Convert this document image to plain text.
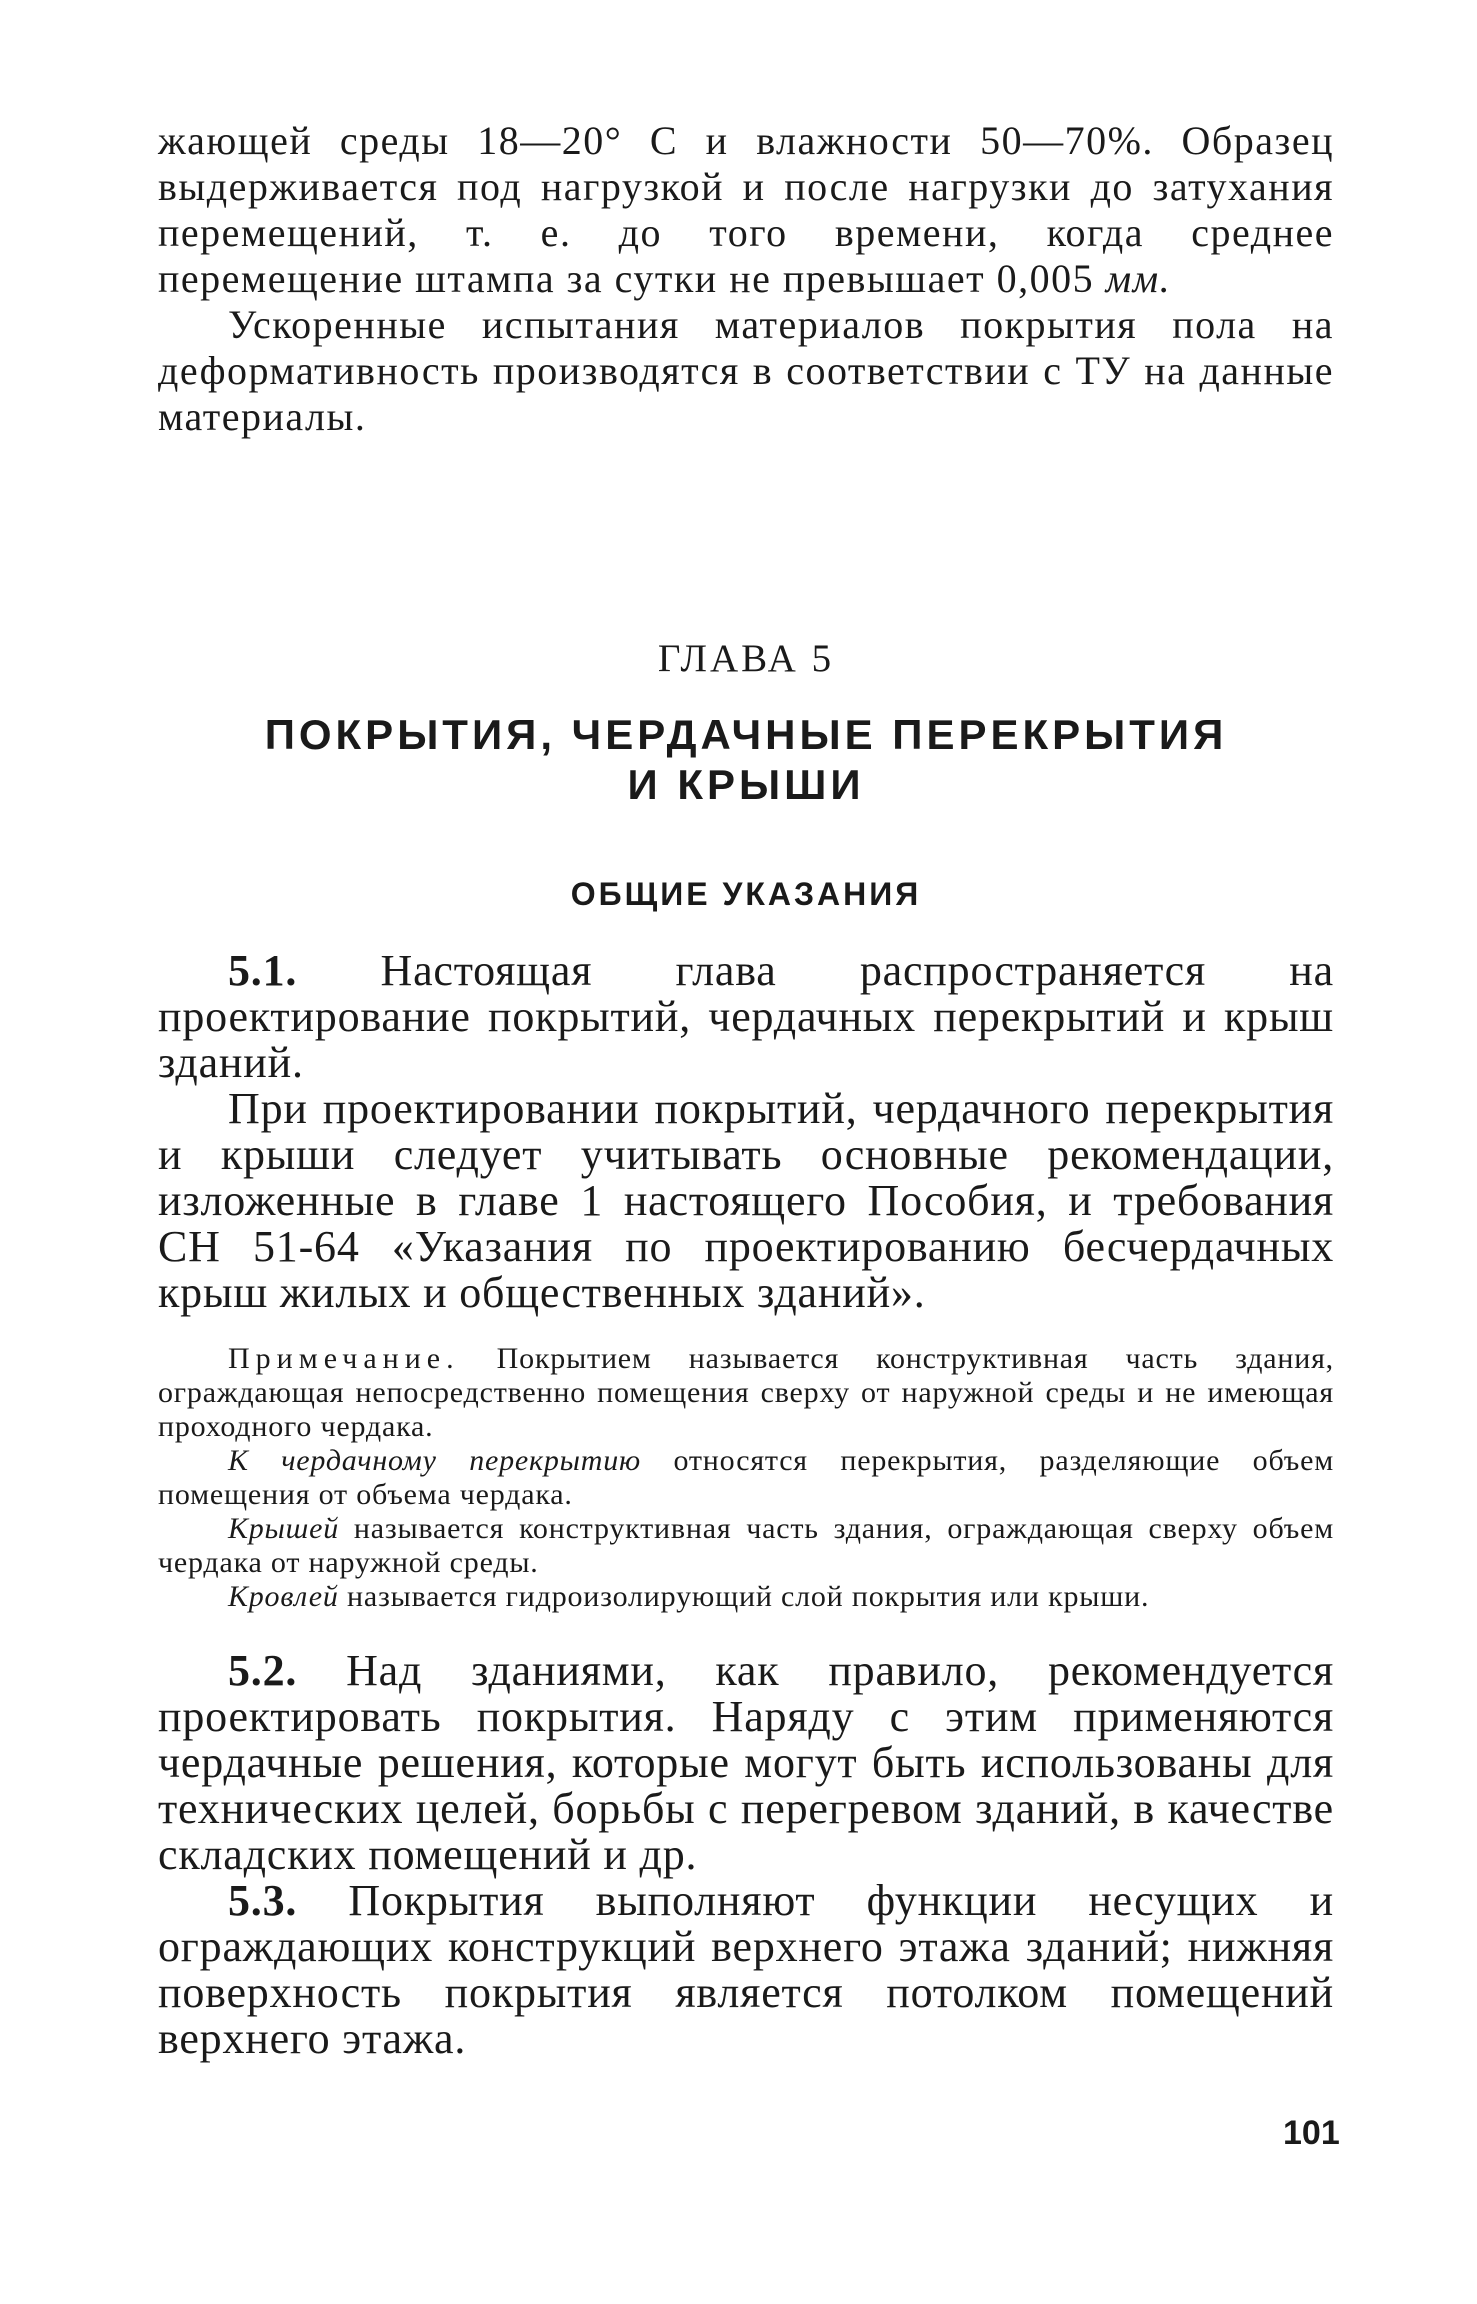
жающей среды 18—20° С и влажности 50—70%. Образец выдерживается под нагрузкой и после нагрузки до затухания перемещений, т. е. до того времени, когда среднее перемещение штампа за сутки не превышает 0,005 мм.

Ускоренные испытания материалов покрытия пола на деформативность производятся в соответствии с ТУ на данные материалы.

ГЛАВА 5
ПОКРЫТИЯ, ЧЕРДАЧНЫЕ ПЕРЕКРЫТИЯ
И КРЫШИ
ОБЩИЕ УКАЗАНИЯ

5.1. Настоящая глава распространяется на проектирование покрытий, чердачных перекрытий и крыш зданий.

При проектировании покрытий, чердачного перекрытия и крыши следует учитывать основные рекомендации, изложенные в главе 1 настоящего Пособия, и требования СН 51-64 «Указания по проектированию бесчердачных крыш жилых и общественных зданий».

Примечание. Покрытием называется конструктивная часть здания, ограждающая непосредственно помещения сверху от наружной среды и не имеющая проходного чердака.

К чердачному перекрытию относятся перекрытия, разделяющие объем помещения от объема чердака.

Крышей называется конструктивная часть здания, ограждающая сверху объем чердака от наружной среды.

Кровлей называется гидроизолирующий слой покрытия или крыши.

5.2. Над зданиями, как правило, рекомендуется проектировать покрытия. Наряду с этим применяются чердачные решения, которые могут быть использованы для технических целей, борьбы с перегревом зданий, в качестве складских помещений и др.

5.3. Покрытия выполняют функции несущих и ограждающих конструкций верхнего этажа зданий; нижняя поверхность покрытия является потолком помещений верхнего этажа.

101
